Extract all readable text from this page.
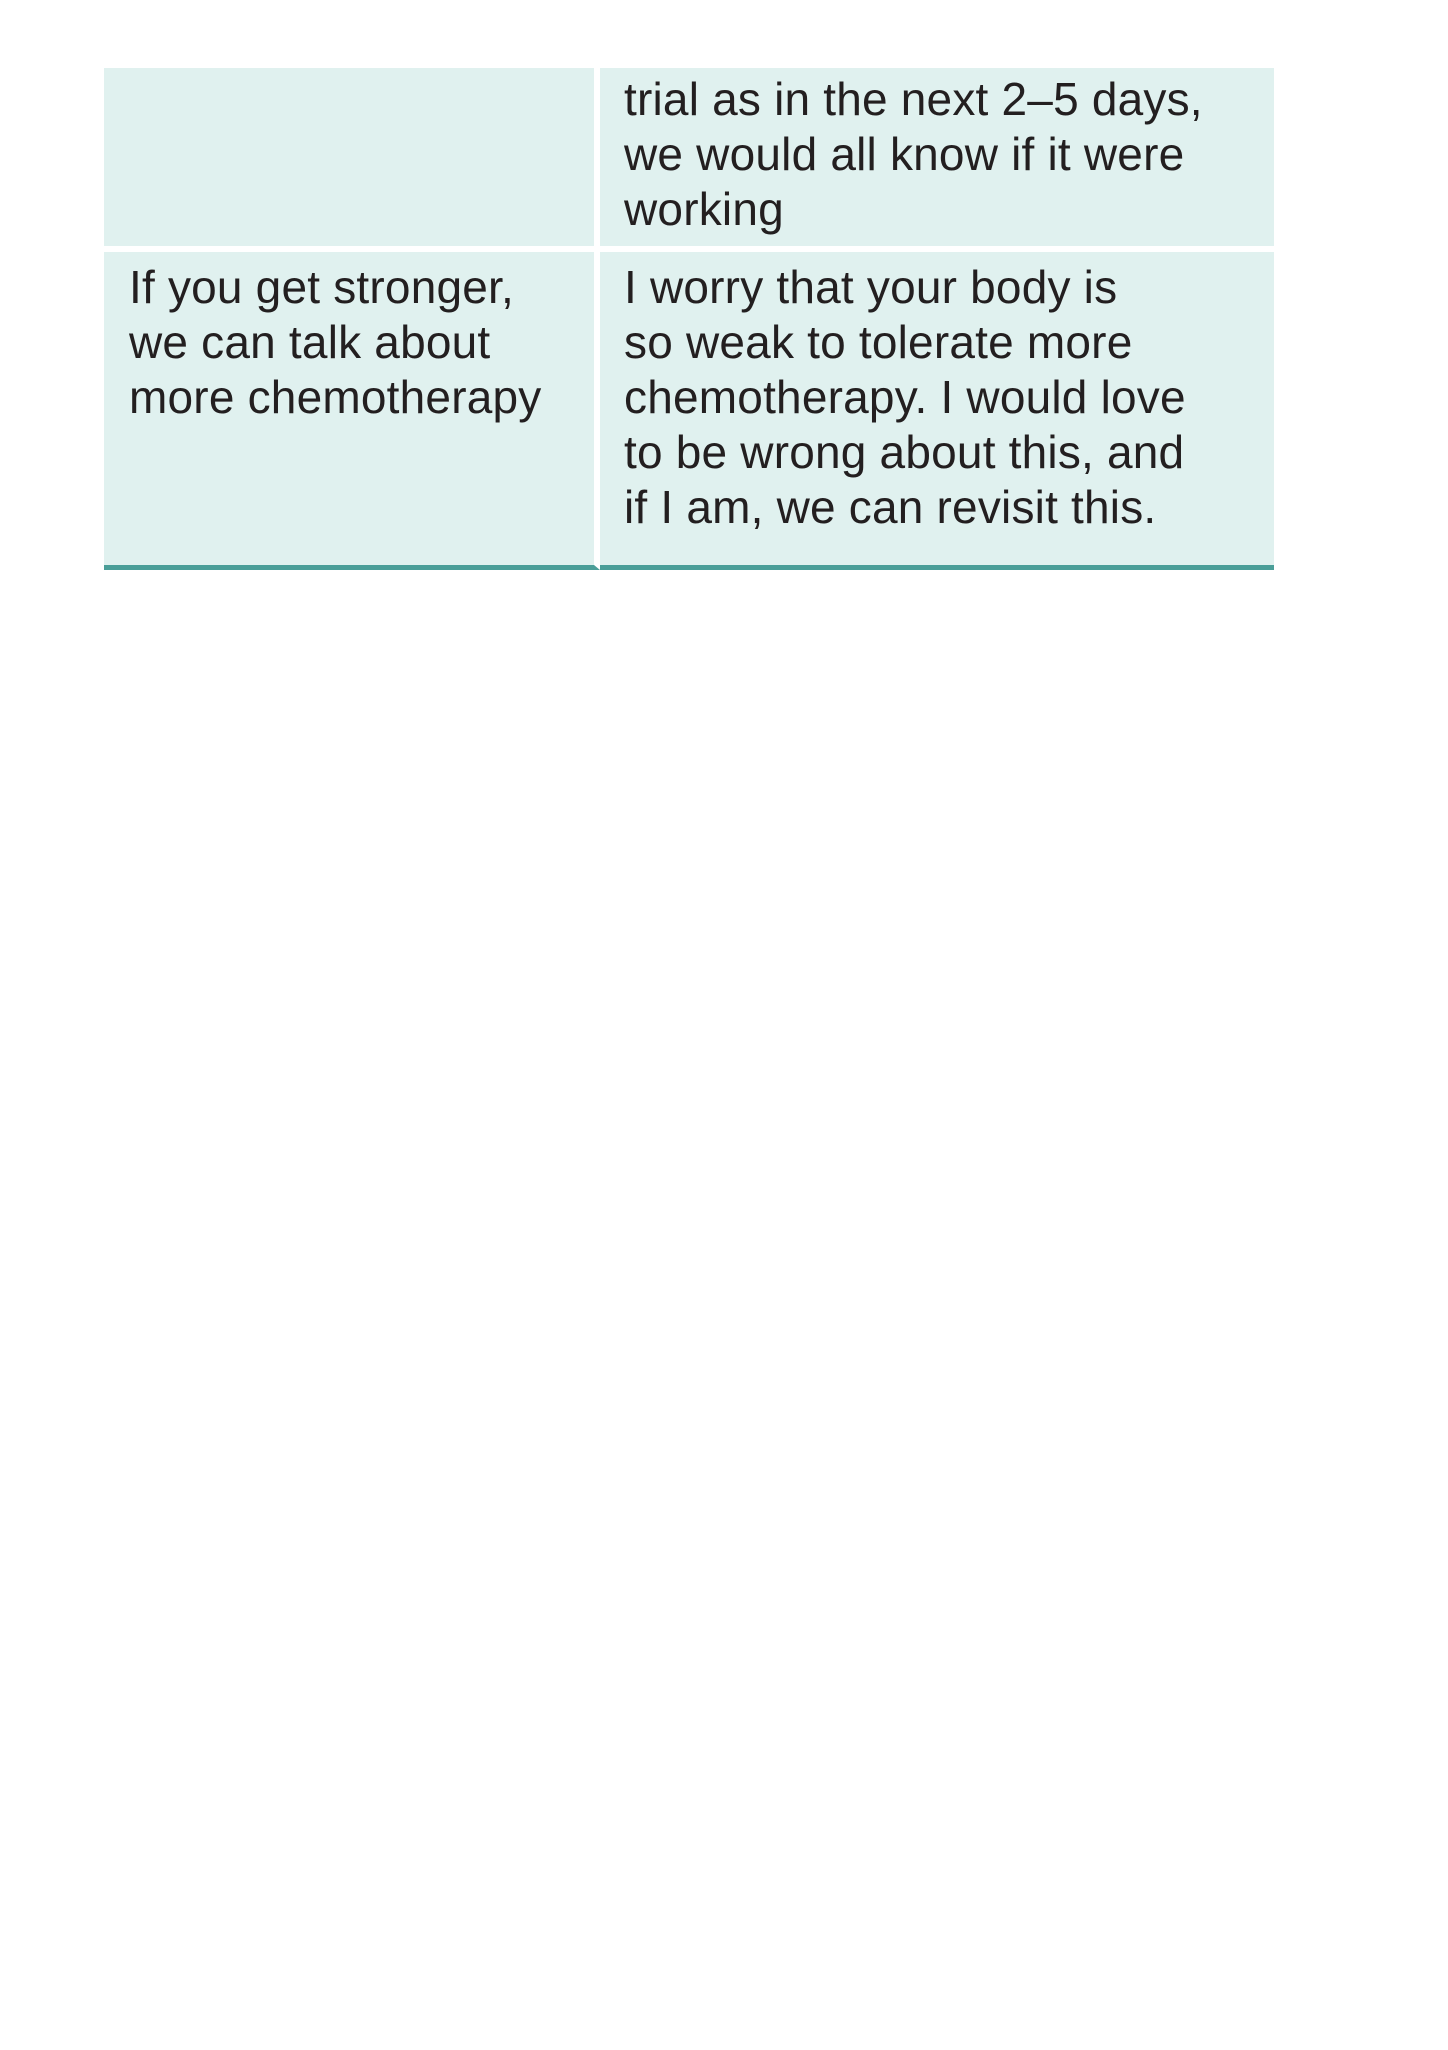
	trial as in the next 2–5 days,
we would all know if it were
working

If you get stronger,
we can talk about
more chemotherapy	I worry that your body is
so weak to tolerate more
chemotherapy. I would love
to be wrong about this, and
if I am, we can revisit this.
